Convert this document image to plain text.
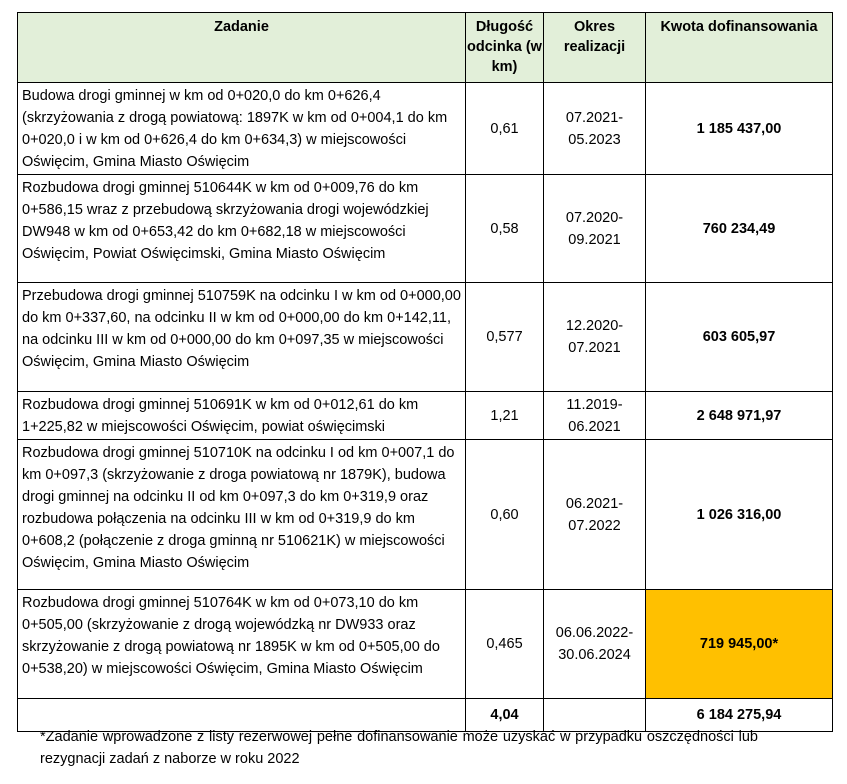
Zadanie	Długość odcinka (w km)	Okres realizacji	Kwota dofinansowania
Budowa drogi gminnej w km od 0+020,0 do km 0+626,4 (skrzyżowania z drogą powiatową: 1897K w km od 0+004,1 do km 0+020,0 i w km od 0+626,4 do km 0+634,3) w miejscowości Oświęcim, Gmina Miasto Oświęcim	0,61	07.2021-05.2023	1 185 437,00
Rozbudowa drogi gminnej 510644K w km od 0+009,76 do km 0+586,15 wraz z przebudową skrzyżowania drogi wojewódzkiej DW948 w km od 0+653,42 do km 0+682,18 w miejscowości Oświęcim, Powiat Oświęcimski, Gmina Miasto Oświęcim	0,58	07.2020-09.2021	760 234,49
Przebudowa drogi gminnej 510759K na odcinku I w km od 0+000,00 do km 0+337,60, na odcinku II w km od 0+000,00 do km 0+142,11, na odcinku III w km od 0+000,00 do km 0+097,35 w miejscowości Oświęcim, Gmina Miasto Oświęcim	0,577	12.2020-07.2021	603 605,97
Rozbudowa drogi gminnej 510691K w km od 0+012,61 do km 1+225,82 w miejscowości Oświęcim, powiat oświęcimski	1,21	11.2019-06.2021	2 648 971,97
Rozbudowa drogi gminnej 510710K na odcinku I od km 0+007,1 do km 0+097,3 (skrzyżowanie z droga powiatową nr 1879K), budowa drogi gminnej na odcinku II od km 0+097,3 do km 0+319,9 oraz rozbudowa połączenia na odcinku III w km od 0+319,9 do km 0+608,2 (połączenie z droga gminną nr 510621K) w miejscowości Oświęcim, Gmina Miasto Oświęcim	0,60	06.2021-07.2022	1 026 316,00
Rozbudowa drogi gminnej 510764K w km od 0+073,10 do km 0+505,00 (skrzyżowanie z drogą wojewódzką nr DW933 oraz skrzyżowanie z drogą powiatową nr 1895K w km od 0+505,00 do 0+538,20) w miejscowości Oświęcim, Gmina Miasto Oświęcim	0,465	06.06.2022-30.06.2024	719 945,00*
	4,04		6 184 275,94
*Zadanie wprowadzone z listy rezerwowej pełne dofinansowanie może uzyskać w przypadku oszczędności lub rezygnacji zadań z naborze w roku 2022
